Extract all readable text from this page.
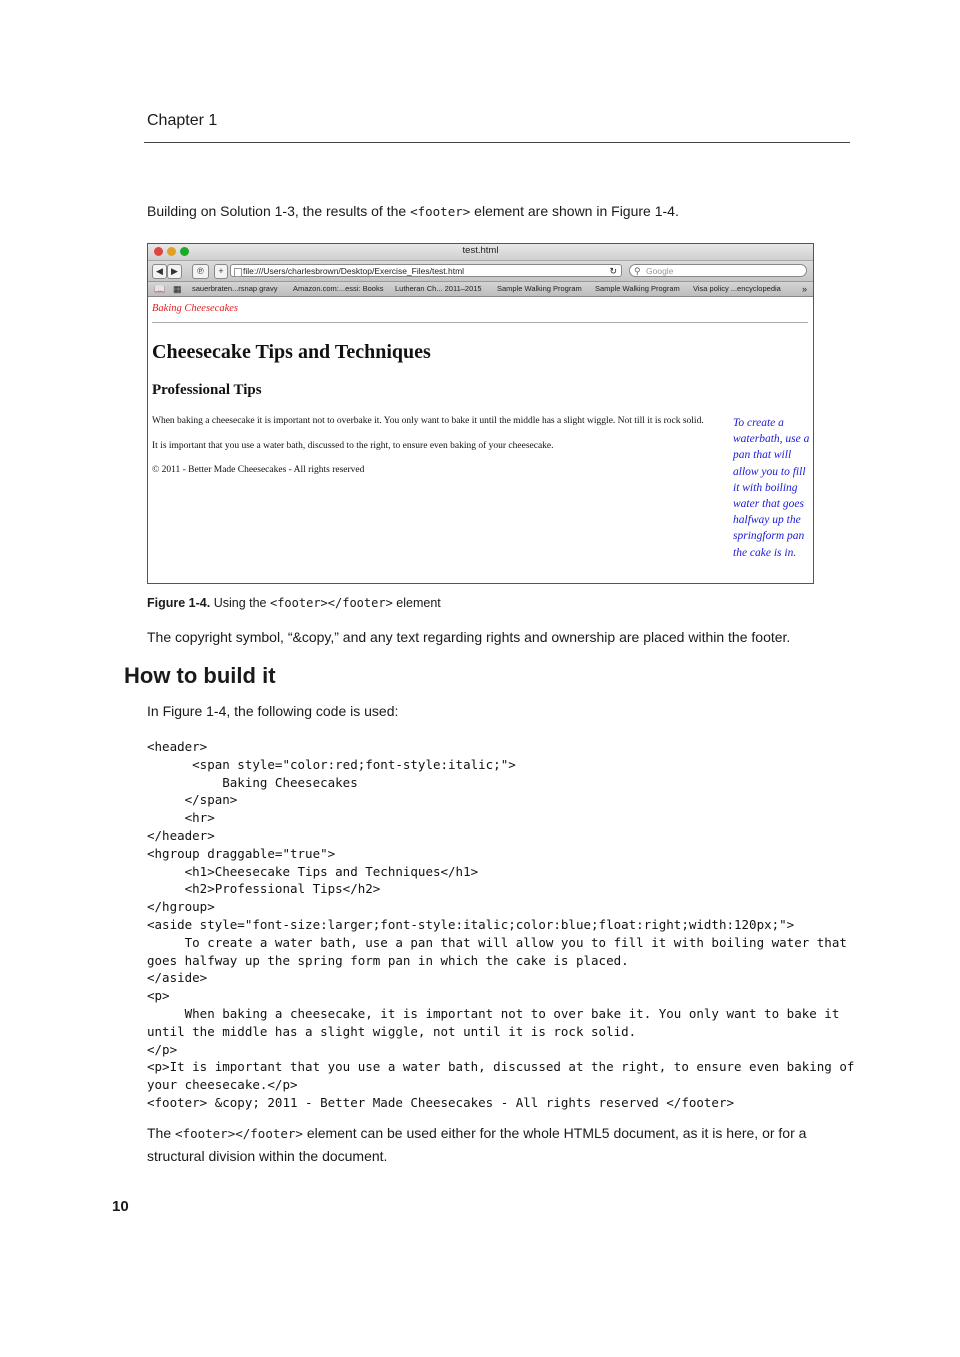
Chapter 1
Building on Solution 1-3, the results of the <footer> element are shown in Figure 1-4.
test.html
◀ ▶	℗	+	file:///Users/charlesbrown/Desktop/Exercise_Files/test.html	↻ ⚲ Google
📖 ▦ sauerbraten...rsnap gravy Amazon.com:...essi: Books Lutheran Ch... 2011–2015 Sample Walking Program Sample Walking Program Visa policy ...encyclopedia »
Baking Cheesecakes
Cheesecake Tips and Techniques
Professional Tips
When baking a cheesecake it is important not to overbake it. You only want to bake it until the middle has a slight wiggle. Not till it is rock solid.
It is important that you use a water bath, discussed to the right, to ensure even baking of your cheesecake.
© 2011 - Better Made Cheesecakes - All rights reserved
To create a waterbath, use a pan that will allow you to fill it with boiling water that goes halfway up the springform pan the cake is in.
Figure 1-4. Using the <footer></footer> element
The copyright symbol, “&copy,” and any text regarding rights and ownership are placed within the footer.
How to build it
In Figure 1-4, the following code is used:
<header>
<span style="color:red;font-style:italic;">
Baking Cheesecakes
</span>
<hr>
</header>
<hgroup draggable="true">
<h1>Cheesecake Tips and Techniques</h1>
<h2>Professional Tips</h2>
</hgroup>
<aside style="font-size:larger;font-style:italic;color:blue;float:right;width:120px;">
To create a water bath, use a pan that will allow you to fill it with boiling water that
goes halfway up the spring form pan in which the cake is placed.
</aside>
<p>
When baking a cheesecake, it is important not to over bake it. You only want to bake it
until the middle has a slight wiggle, not until it is rock solid.
</p>
<p>It is important that you use a water bath, discussed at the right, to ensure even baking of
your cheesecake.</p>
<footer> &copy; 2011 - Better Made Cheesecakes - All rights reserved </footer>
The <footer></footer> element can be used either for the whole HTML5 document, as it is here, or for a structural division within the document.
10
